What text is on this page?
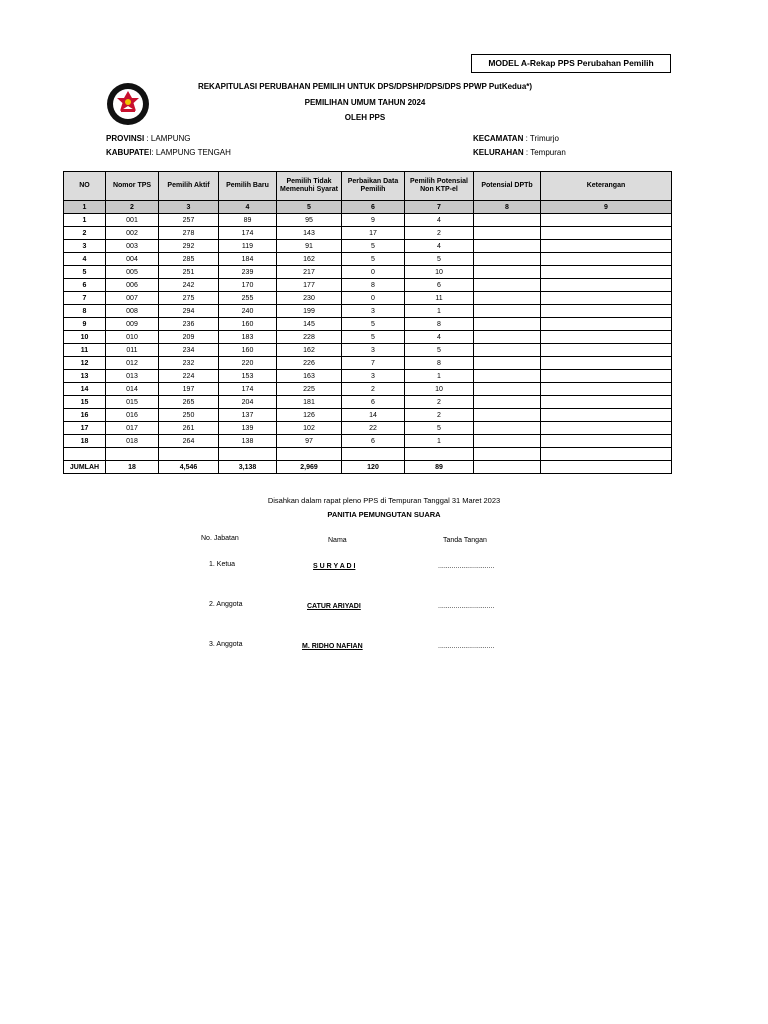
MODEL A-Rekap PPS Perubahan Pemilih
REKAPITULASI PERUBAHAN PEMILIH UNTUK DPS/DPSHP/DPS/DPS PPWP PutKedua*)
PEMILIHAN UMUM TAHUN 2024
OLEH PPS
PROVINSI : LAMPUNG
KABUPATEI: LAMPUNG TENGAH
KECAMATAN : Trimurjo
KELURAHAN : Tempuran
NO	Nomor TPS	Pemilih Aktif	Pemilih Baru	Pemilih Tidak Memenuhi Syarat	Perbaikan Data Pemilih	Pemilih Potensial Non KTP-el	Potensial DPTb	Keterangan
1	2	3	4	5	6	7	8	9
1	001	257	89	95	9	4		
2	002	278	174	143	17	2		
3	003	292	119	91	5	4		
4	004	285	184	162	5	5		
5	005	251	239	217	0	10		
6	006	242	170	177	8	6		
7	007	275	255	230	0	11		
8	008	294	240	199	3	1		
9	009	236	160	145	5	8		
10	010	209	183	228	5	4		
11	011	234	160	162	3	5		
12	012	232	220	226	7	8		
13	013	224	153	163	3	1		
14	014	197	174	225	2	10		
15	015	265	204	181	6	2		
16	016	250	137	126	14	2		
17	017	261	139	102	22	5		
18	018	264	138	97	6	1		

JUMLAH	18	4,546	3,138	2,969	120	89		
Disahkan dalam rapat pleno PPS di Tempuran Tanggal 31 Maret 2023
PANITIA PEMUNGUTAN SUARA
No. Jabatan	Nama	Tanda Tangan
1. Ketua	S U R Y A D I	.............................
2. Anggota	CATUR ARIYADI	.............................
3. Anggota	M. RIDHO NAFIAN	.............................
